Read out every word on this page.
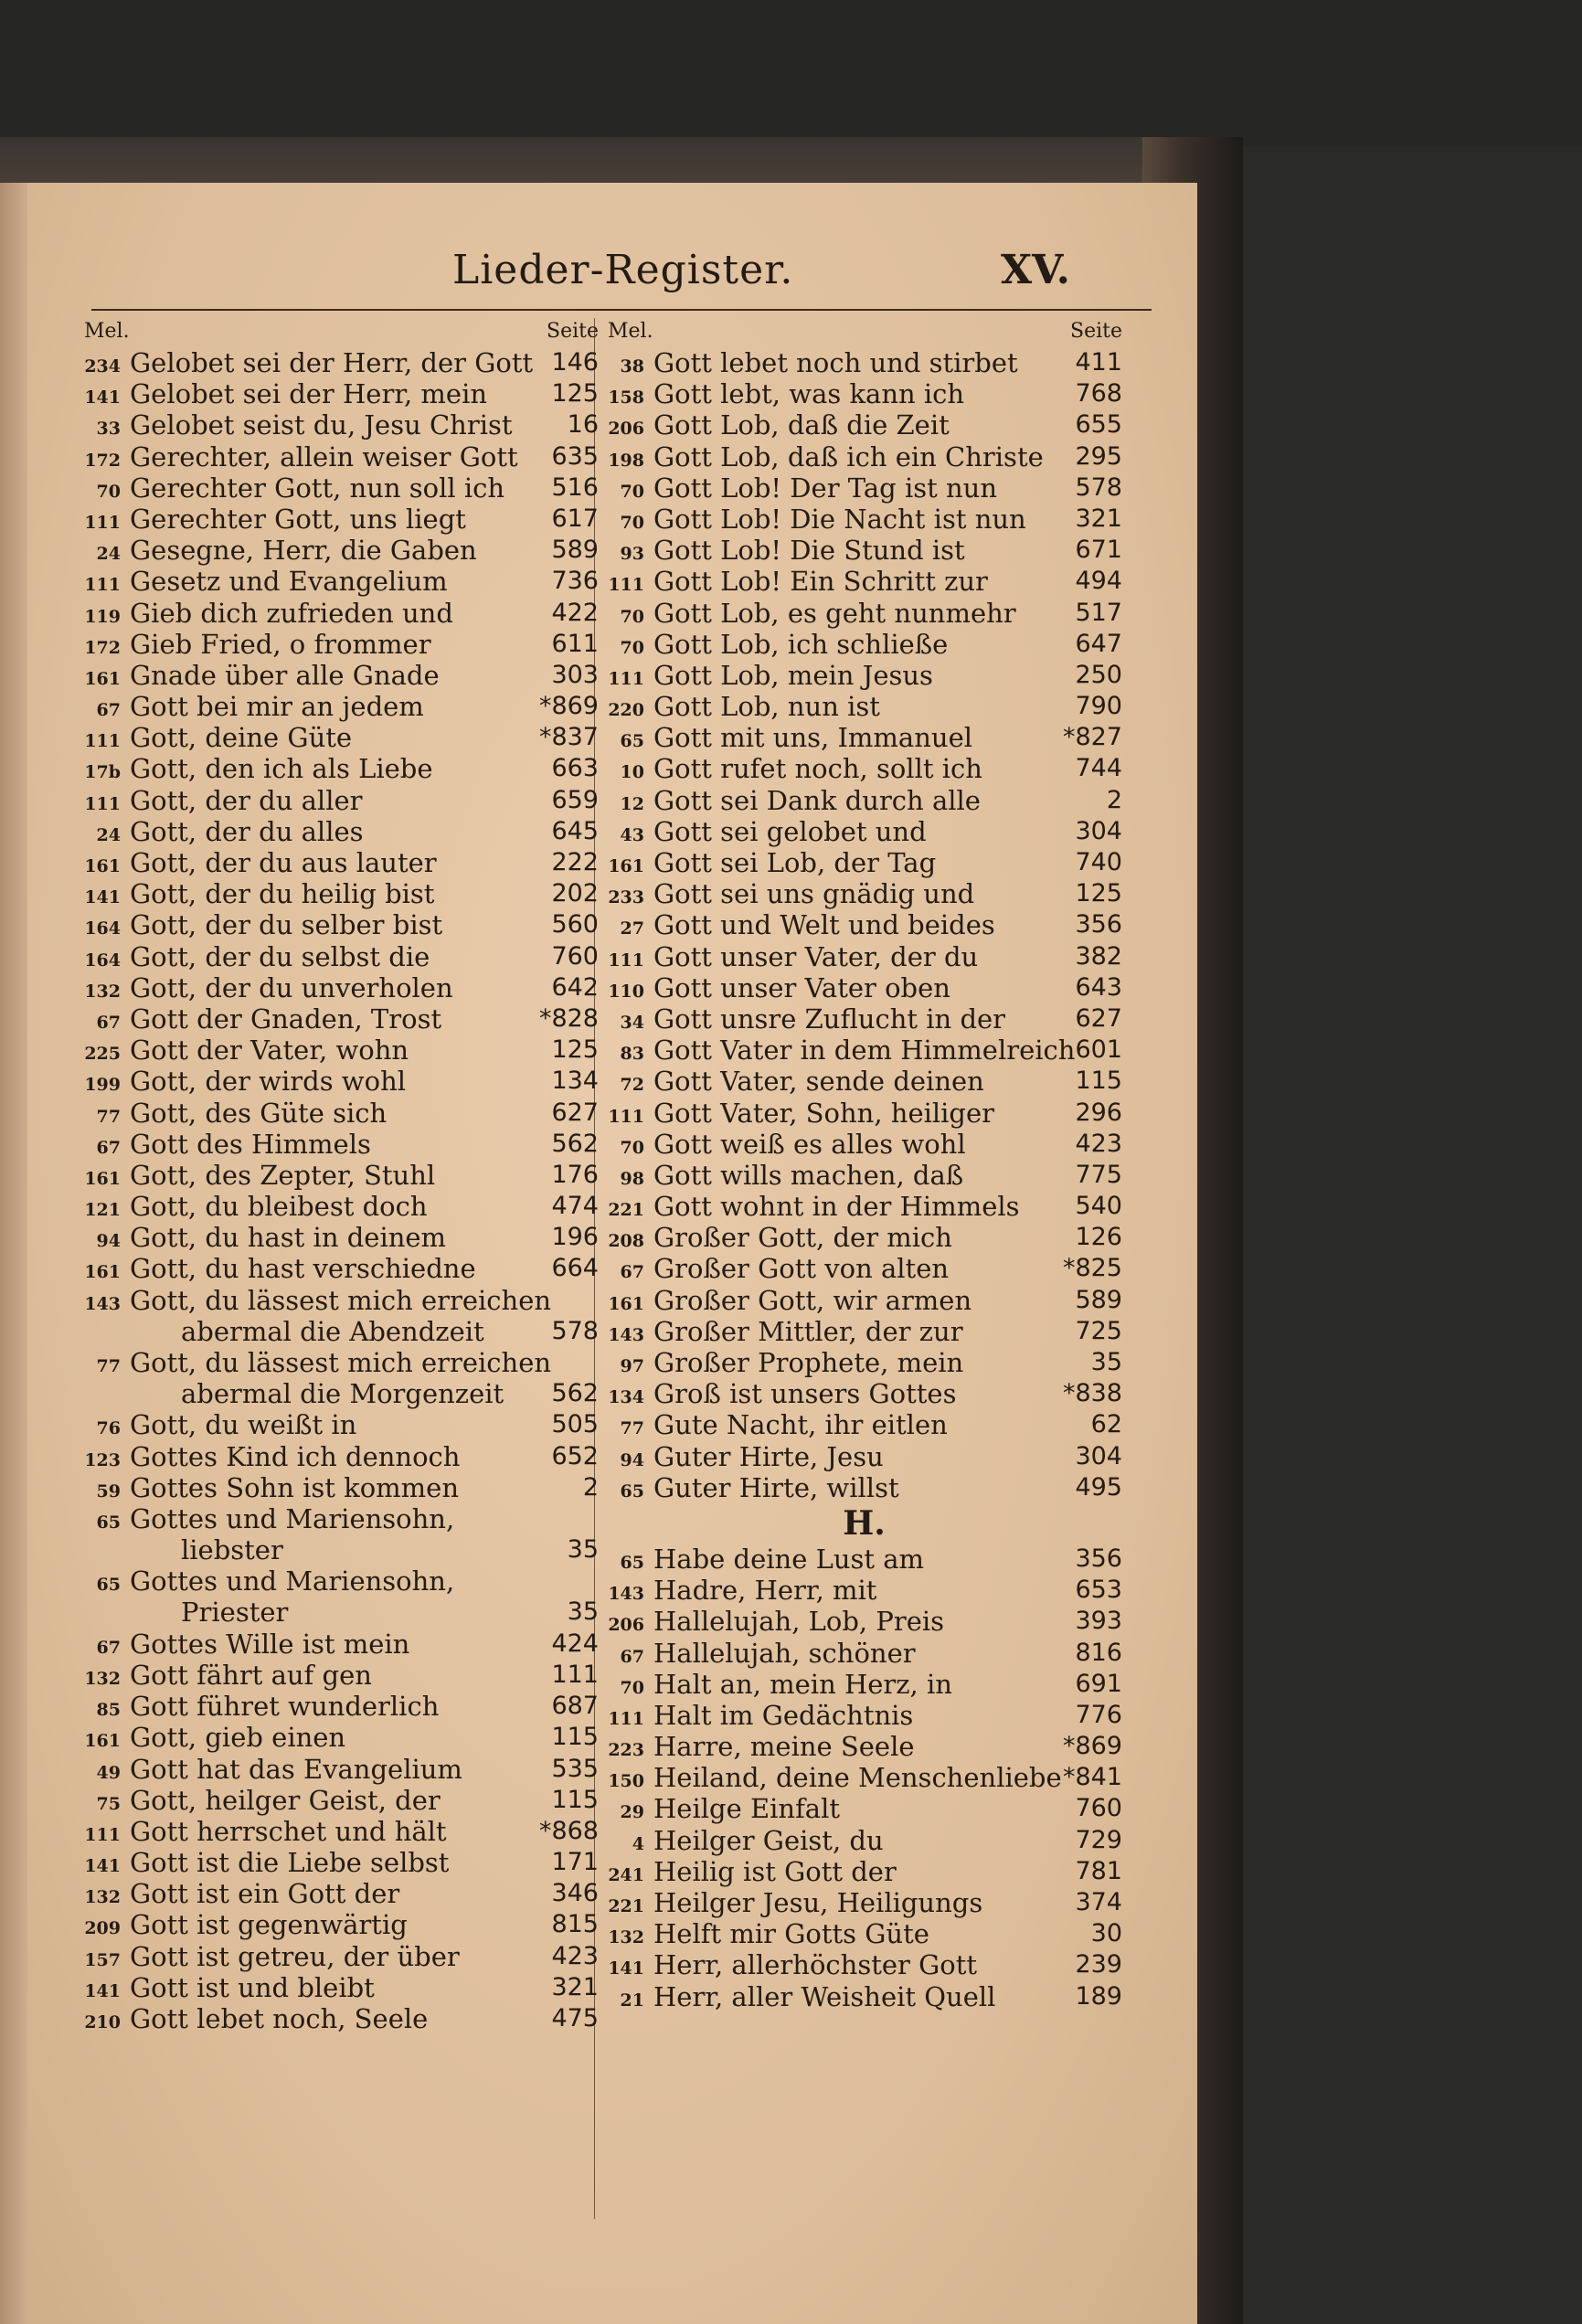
Lieder-Register.	XV.
Mel.	Seite
234 Gelobet sei der Herr, der Gott 146
141 Gelobet sei der Herr, mein	125
33 Gelobet seist du, Jesu Christ 16
172 Gerechter, allein weiser Gott 635
70 Gerechter Gott, nun soll ich 516
111 Gerechter Gott, uns liegt	617
24 Gesegne, Herr, die Gaben	589
111 Gesetz und Evangelium	736
119 Gieb dich zufrieden und	422
172 Gieb Fried, o frommer	611
161 Gnade über alle Gnade	303
67 Gott bei mir an jedem	*869
111 Gott, deine Güte	*837
17b Gott, den ich als Liebe	663
111 Gott, der du aller	659
24 Gott, der du alles	645
161 Gott, der du aus lauter	222
141 Gott, der du heilig bist	202
164 Gott, der du selber bist	560
164 Gott, der du selbst die	760
132 Gott, der du unverholen	642
67 Gott der Gnaden, Trost	*828
225 Gott der Vater, wohn	125
199 Gott, der wirds wohl	134
77 Gott, des Güte sich	627
67 Gott des Himmels	562
161 Gott, des Zepter, Stuhl	176
121 Gott, du bleibest doch	474
94 Gott, du hast in deinem	196
161 Gott, du hast verschiedne	664
143 Gott, du lässest mich erreichen
abermal die Abendzeit	578
77 Gott, du lässest mich erreichen
abermal die Morgenzeit 562
76 Gott, du weißt in	505
123 Gottes Kind ich dennoch	652
59 Gottes Sohn ist kommen	2
65 Gottes und Mariensohn,
liebster	35
65 Gottes und Mariensohn,
Priester	35
67 Gottes Wille ist mein	424
132 Gott fährt auf gen	111
85 Gott führet wunderlich	687
161 Gott, gieb einen	115
49 Gott hat das Evangelium	535
75 Gott, heilger Geist, der	115
111 Gott herrschet und hält	*868
141 Gott ist die Liebe selbst	171
132 Gott ist ein Gott der	346
209 Gott ist gegenwärtig	815
157 Gott ist getreu, der über	423
141 Gott ist und bleibt	321
210 Gott lebet noch, Seele	475
Mel.	Seite
38 Gott lebet noch und stirbet 411
158 Gott lebt, was kann ich	768
206 Gott Lob, daß die Zeit	655
198 Gott Lob, daß ich ein Christe 295
70 Gott Lob! Der Tag ist nun	578
70 Gott Lob! Die Nacht ist nun 321
93 Gott Lob! Die Stund ist	671
111 Gott Lob! Ein Schritt zur	494
70 Gott Lob, es geht nunmehr 517
70 Gott Lob, ich schließe	647
111 Gott Lob, mein Jesus	250
220 Gott Lob, nun ist	790
65 Gott mit uns, Immanuel	*827
10 Gott rufet noch, sollt ich	744
12 Gott sei Dank durch alle	2
43 Gott sei gelobet und	304
161 Gott sei Lob, der Tag	740
233 Gott sei uns gnädig und	125
27 Gott und Welt und beides	356
111 Gott unser Vater, der du	382
110 Gott unser Vater oben	643
34 Gott unsre Zuflucht in der	627
83 Gott Vater in dem Himmelreich 601
72 Gott Vater, sende deinen	115
111 Gott Vater, Sohn, heiliger	296
70 Gott weiß es alles wohl	423
98 Gott wills machen, daß	775
221 Gott wohnt in der Himmels 540
208 Großer Gott, der mich	126
67 Großer Gott von alten	*825
161 Großer Gott, wir armen	589
143 Großer Mittler, der zur	725
97 Großer Prophete, mein	35
134 Groß ist unsers Gottes	*838
77 Gute Nacht, ihr eitlen	62
94 Guter Hirte, Jesu	304
65 Guter Hirte, willst	495
H.
65 Habe deine Lust am	356
143 Hadre, Herr, mit	653
206 Hallelujah, Lob, Preis	393
67 Hallelujah, schöner	816
70 Halt an, mein Herz, in	691
111 Halt im Gedächtnis	776
223 Harre, meine Seele	*869
150 Heiland, deine Menschenliebe *841
29 Heilge Einfalt	760
4 Heilger Geist, du	729
241 Heilig ist Gott der	781
221 Heilger Jesu, Heiligungs	374
132 Helft mir Gotts Güte	30
141 Herr, allerhöchster Gott	239
21 Herr, aller Weisheit Quell	189
